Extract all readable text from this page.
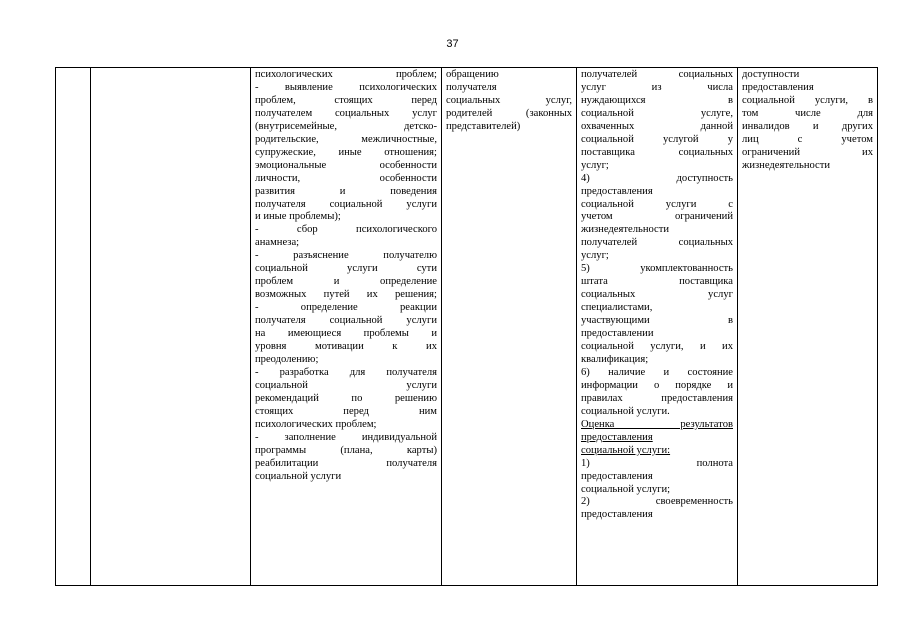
37

психологических проблем;
- выявление психологических
проблем, стоящих перед
получателем социальных услуг
(внутрисемейные, детско-
родительские, межличностные,
супружеские, иные отношения;
эмоциональные особенности
личности, особенности
развития и поведения
получателя социальной услуги
и иные проблемы);
- сбор психологического
анамнеза;
- разъяснение получателю
социальной услуги сути
проблем и определение
возможных путей их решения;
- определение реакции
получателя социальной услуги
на имеющиеся проблемы и
уровня мотивации к их
преодолению;
- разработка для получателя
социальной услуги
рекомендаций по решению
стоящих перед ним
психологических проблем;
- заполнение индивидуальной
программы (плана, карты)
реабилитации получателя
социальной услуги

обращению
получателя
социальных услуг,
родителей (законных
представителей)

получателей социальных
услуг из числа
нуждающихся в
социальной услуге,
охваченных данной
социальной услугой у
поставщика социальных
услуг;
4) доступность
предоставления
социальной услуги с
учетом ограничений
жизнедеятельности
получателей социальных
услуг;
5) укомплектованность
штата поставщика
социальных услуг
специалистами,
участвующими в
предоставлении
социальной услуги, и их
квалификация;
6) наличие и состояние
информации о порядке и
правилах предоставления
социальной услуги.
Оценка результатов
предоставления
социальной услуги:
1) полнота
предоставления
социальной услуги;
2) своевременность
предоставления

доступности
предоставления
социальной услуги, в
том числе для
инвалидов и других
лиц с учетом
ограничений их
жизнедеятельности
